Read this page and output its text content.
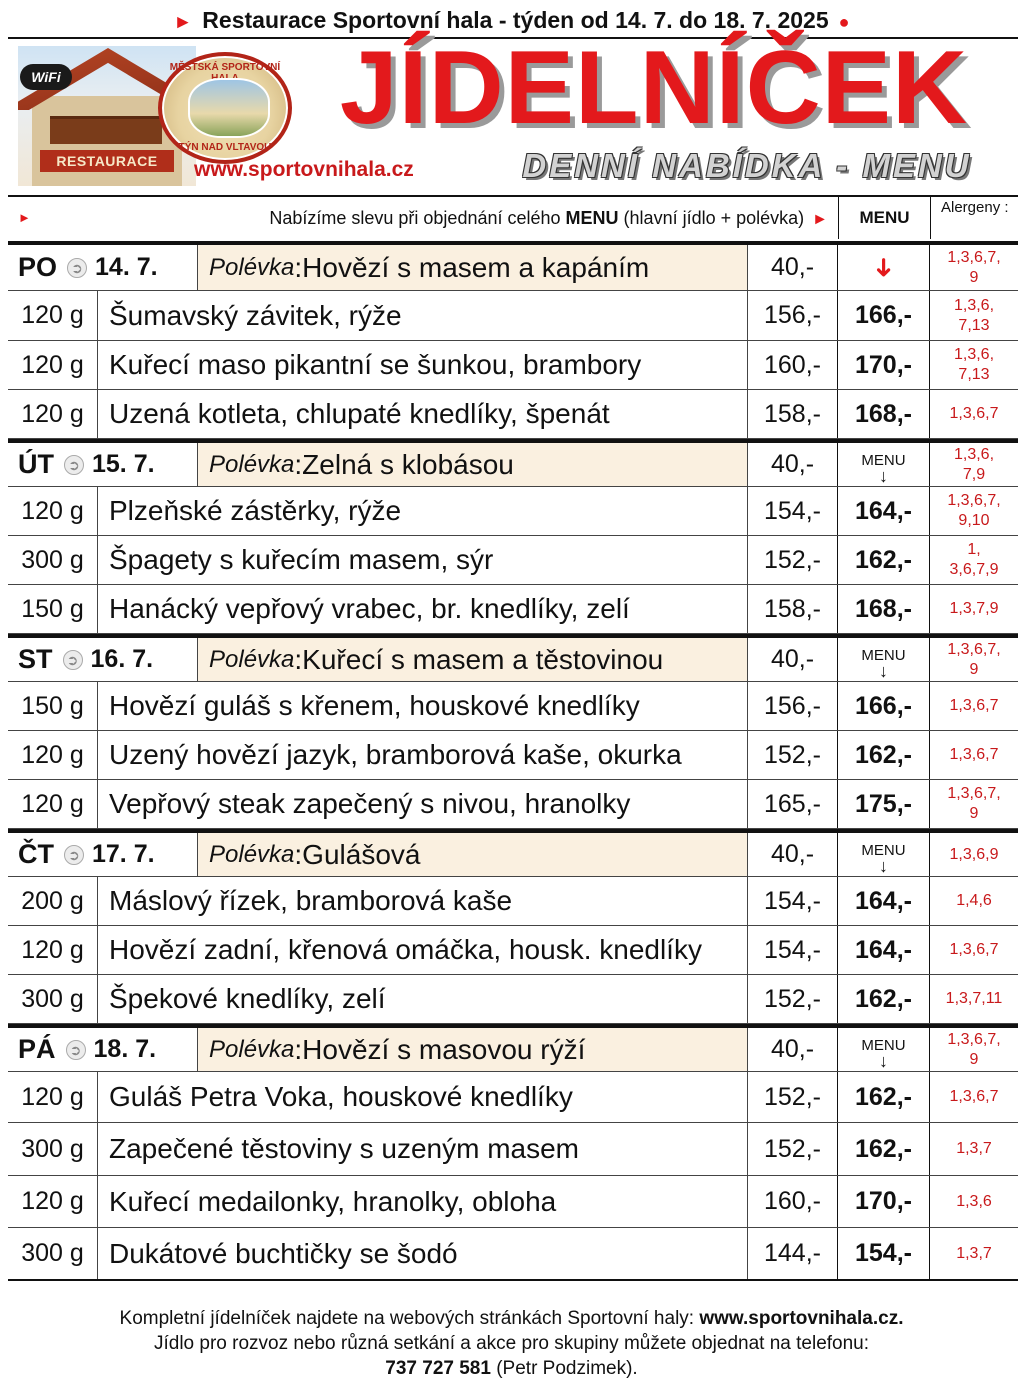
► Restaurace Sportovní hala - týden od 14. 7. do 18. 7. 2025 ●
RESTAURACE
WiFi
MĚSTSKÁ SPORTOVNÍ
TÝN NAD VLTAVOU
www.sportovnihala.cz
JÍDELNÍČEK
DENNÍ NABÍDKA - MENU
►	Nabízíme slevu při objednání celého MENU (hlavní jídlo + polévka) ►	MENU
Alergeny :
PO ➲ 14. 7. Polévka : Hovězí s masem a kapáním	40,-	➜	1,3,6,7,
9
120 g Šumavský závitek, rýže	156,-	166,-	1,3,6,
7,13
120 g Kuřecí maso pikantní se šunkou, brambory	160,-	170,-	1,3,6,
7,13
120 g Uzená kotleta, chlupaté knedlíky, špenát	158,-	168,-	1,3,6,7
ÚT ➲ 15. 7. Polévka : Zelná s klobásou	40,-	MENU
↓
1,3,6,
7,9
120 g Plzeňské zástěrky, rýže	154,-	164,-	1,3,6,7,
9,10
300 g Špagety s kuřecím masem, sýr	152,-	162,-	1,
3,6,7,9
150 g Hanácký vepřový vrabec, br. knedlíky, zelí	158,-	168,-	1,3,7,9
ST ➲ 16. 7. Polévka : Kuřecí s masem a těstovinou	40,-	MENU
↓
1,3,6,7,
9
150 g Hovězí guláš s křenem, houskové knedlíky	156,-	166,-	1,3,6,7
120 g Uzený hovězí jazyk, bramborová kaše, okurka	152,-	162,-	1,3,6,7
120 g Vepřový steak zapečený s nivou, hranolky	165,-	175,-	1,3,6,7,
9
ČT ➲ 17. 7. Polévka : Gulášová	40,-	MENU
↓
1,3,6,9
200 g Máslový řízek, bramborová kaše	154,-	164,-	1,4,6
120 g Hovězí zadní, křenová omáčka, housk. knedlíky	154,-	164,-	1,3,6,7
300 g Špekové knedlíky, zelí	152,-	162,-	1,3,7,11
PÁ ➲ 18. 7. Polévka : Hovězí s masovou rýží	40,-	MENU
↓
1,3,6,7,
9
120 g Guláš Petra Voka, houskové knedlíky	152,-	162,-	1,3,6,7
300 g Zapečené těstoviny s uzeným masem	152,-	162,-	1,3,7
120 g Kuřecí medailonky, hranolky, obloha	160,-	170,-	1,3,6
300 g Dukátové buchtičky se šodó	144,-	154,-	1,3,7
Kompletní jídelníček najdete na webových stránkách Sportovní haly: www.sportovnihala.cz.
Jídlo pro rozvoz nebo různá setkání a akce pro skupiny můžete objednat na telefonu:
737 727 581 (Petr Podzimek).
